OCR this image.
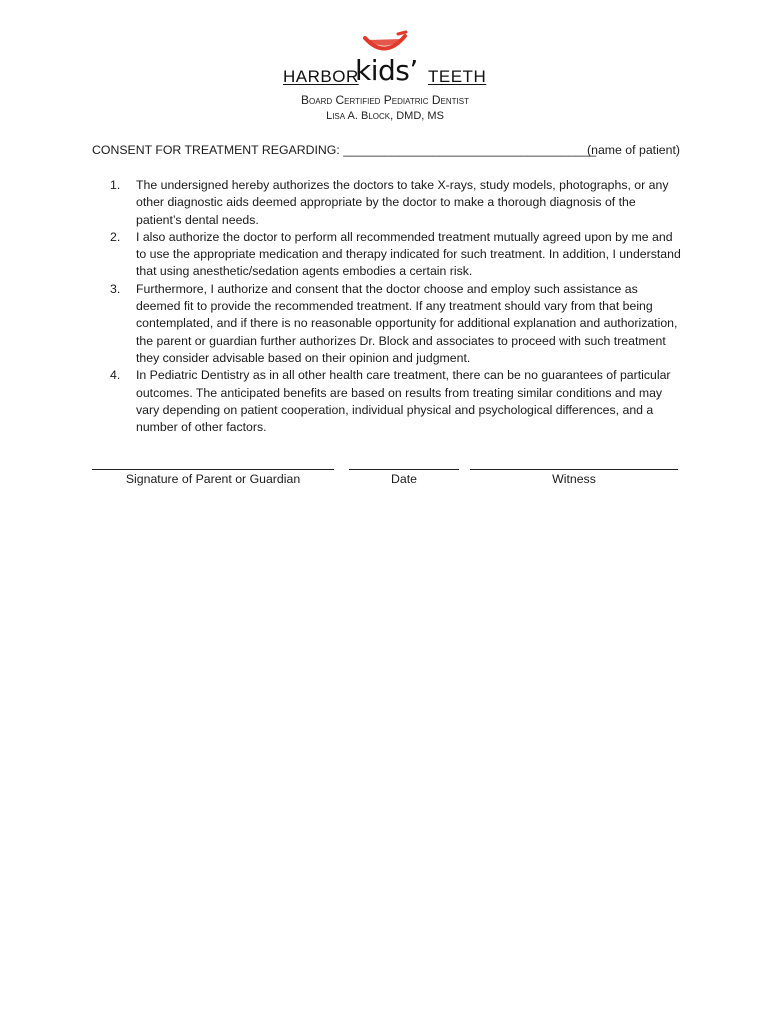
HARBOR
kids’ TEETH
Board Certified Pediatric Dentist
Lisa A. Block, DMD, MS
CONSENT FOR TREATMENT REGARDING: _____________________________________
(name of patient)
1. The undersigned hereby authorizes the doctors to take X-rays, study models, photographs, or any other diagnostic aids deemed appropriate by the doctor to make a thorough diagnosis of the patient’s dental needs.
2. I also authorize the doctor to perform all recommended treatment mutually agreed upon by me and to use the appropriate medication and therapy indicated for such treatment. In addition, I understand that using anesthetic/sedation agents embodies a certain risk.
3. Furthermore, I authorize and consent that the doctor choose and employ such assistance as deemed fit to provide the recommended treatment. If any treatment should vary from that being contemplated, and if there is no reasonable opportunity for additional explanation and authorization, the parent or guardian further authorizes Dr. Block and associates to proceed with such treatment they consider advisable based on their opinion and judgment.
4. In Pediatric Dentistry as in all other health care treatment, there can be no guarantees of particular outcomes. The anticipated benefits are based on results from treating similar conditions and may vary depending on patient cooperation, individual physical and psychological differences, and a number of other factors.
Signature of Parent or Guardian	Date	Witness
